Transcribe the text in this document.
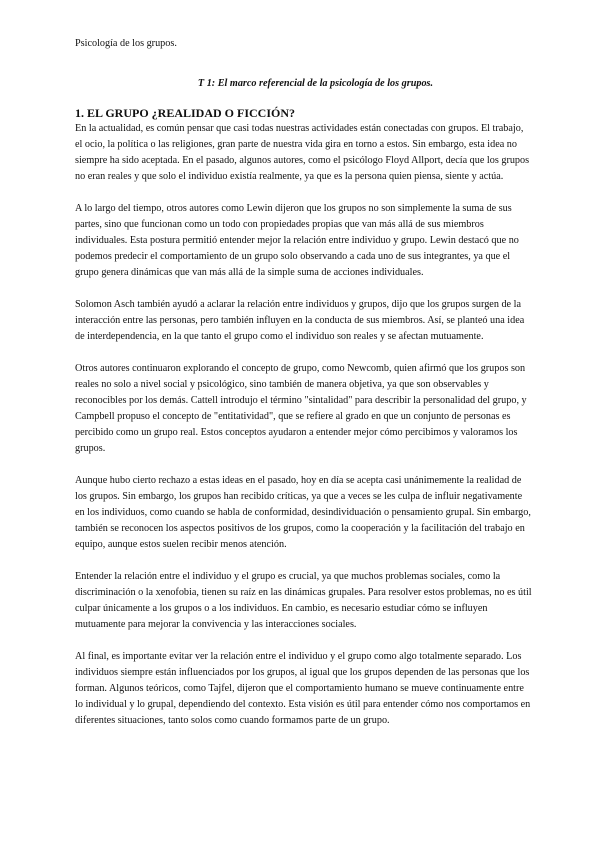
Psicología de los grupos.
T 1: El marco referencial de la psicología de los grupos.
1. EL GRUPO ¿REALIDAD O FICCIÓN?

En la actualidad, es común pensar que casi todas nuestras actividades están conectadas con grupos. El trabajo, el ocio, la política o las religiones, gran parte de nuestra vida gira en torno a estos. Sin embargo, esta idea no siempre ha sido aceptada. En el pasado, algunos autores, como el psicólogo Floyd Allport, decía que los grupos no eran reales y que solo el individuo existía realmente, ya que es la persona quien piensa, siente y actúa.

A lo largo del tiempo, otros autores como Lewin dijeron que los grupos no son simplemente la suma de sus partes, sino que funcionan como un todo con propiedades propias que van más allá de sus miembros individuales. Esta postura permitió entender mejor la relación entre individuo y grupo. Lewin destacó que no podemos predecir el comportamiento de un grupo solo observando a cada uno de sus integrantes, ya que el grupo genera dinámicas que van más allá de la simple suma de acciones individuales.

Solomon Asch también ayudó a aclarar la relación entre individuos y grupos, dijo que los grupos surgen de la interacción entre las personas, pero también influyen en la conducta de sus miembros. Así, se planteó una idea de interdependencia, en la que tanto el grupo como el individuo son reales y se afectan mutuamente.

Otros autores continuaron explorando el concepto de grupo, como Newcomb, quien afirmó que los grupos son reales no solo a nivel social y psicológico, sino también de manera objetiva, ya que son observables y reconocibles por los demás. Cattell introdujo el término "sintalidad" para describir la personalidad del grupo, y Campbell propuso el concepto de "entitatividad", que se refiere al grado en que un conjunto de personas es percibido como un grupo real. Estos conceptos ayudaron a entender mejor cómo percibimos y valoramos los grupos.

Aunque hubo cierto rechazo a estas ideas en el pasado, hoy en día se acepta casi unánimemente la realidad de los grupos. Sin embargo, los grupos han recibido críticas, ya que a veces se les culpa de influir negativamente en los individuos, como cuando se habla de conformidad, desindividuación o pensamiento grupal. Sin embargo, también se reconocen los aspectos positivos de los grupos, como la cooperación y la facilitación del trabajo en equipo, aunque estos suelen recibir menos atención.

Entender la relación entre el individuo y el grupo es crucial, ya que muchos problemas sociales, como la discriminación o la xenofobia, tienen su raíz en las dinámicas grupales. Para resolver estos problemas, no es útil culpar únicamente a los grupos o a los individuos. En cambio, es necesario estudiar cómo se influyen mutuamente para mejorar la convivencia y las interacciones sociales.

Al final, es importante evitar ver la relación entre el individuo y el grupo como algo totalmente separado. Los individuos siempre están influenciados por los grupos, al igual que los grupos dependen de las personas que los forman. Algunos teóricos, como Tajfel, dijeron que el comportamiento humano se mueve continuamente entre lo individual y lo grupal, dependiendo del contexto. Esta visión es útil para entender cómo nos comportamos en diferentes situaciones, tanto solos como cuando formamos parte de un grupo.
